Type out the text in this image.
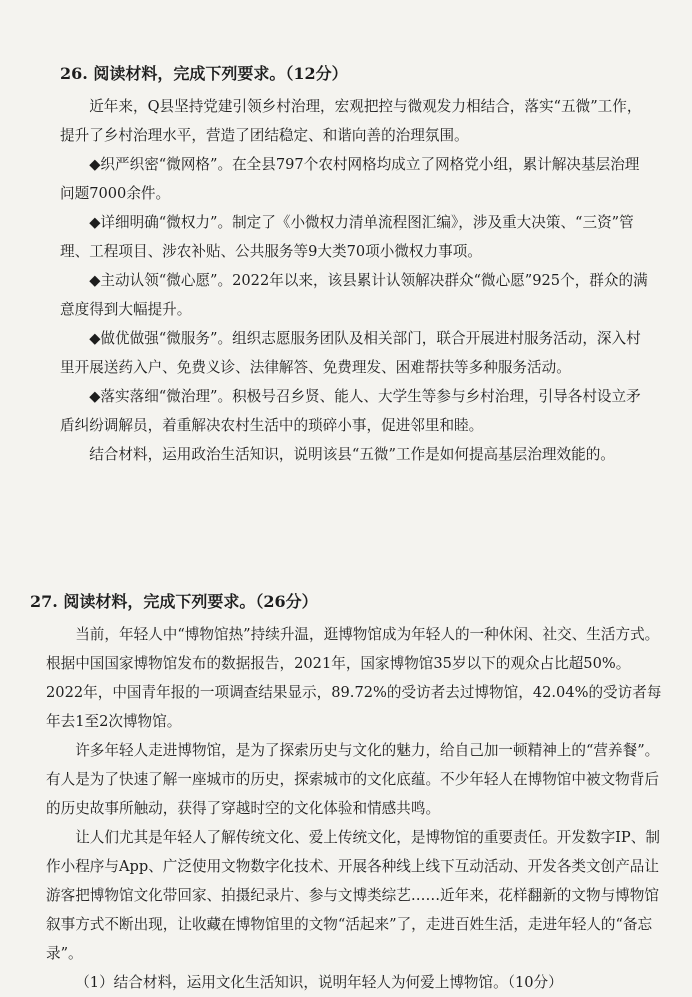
26. 阅读材料，完成下列要求。（12分）

近年来，Q县坚持党建引领乡村治理，宏观把控与微观发力相结合，落实“五微”工作，提升了乡村治理水平，营造了团结稳定、和谐向善的治理氛围。

◆织严织密“微网格”。在全县797个农村网格均成立了网格党小组，累计解决基层治理问题7000余件。

◆详细明确“微权力”。制定了《小微权力清单流程图汇编》，涉及重大决策、“三资”管理、工程项目、涉农补贴、公共服务等9大类70项小微权力事项。

◆主动认领“微心愿”。2022年以来，该县累计认领解决群众“微心愿”925个，群众的满意度得到大幅提升。

◆做优做强“微服务”。组织志愿服务团队及相关部门，联合开展进村服务活动，深入村里开展送药入户、免费义诊、法律解答、免费理发、困难帮扶等多种服务活动。

◆落实落细“微治理”。积极号召乡贤、能人、大学生等参与乡村治理，引导各村设立矛盾纠纷调解员，着重解决农村生活中的琐碎小事，促进邻里和睦。

结合材料，运用政治生活知识，说明该县“五微”工作是如何提高基层治理效能的。

27. 阅读材料，完成下列要求。（26分）

当前，年轻人中“博物馆热”持续升温，逛博物馆成为年轻人的一种休闲、社交、生活方式。根据中国国家博物馆发布的数据报告，2021年，国家博物馆35岁以下的观众占比超50%。2022年，中国青年报的一项调查结果显示，89.72%的受访者去过博物馆，42.04%的受访者每年去1至2次博物馆。

许多年轻人走进博物馆，是为了探索历史与文化的魅力，给自己加一顿精神上的“营养餐”。有人是为了快速了解一座城市的历史，探索城市的文化底蕴。不少年轻人在博物馆中被文物背后的历史故事所触动，获得了穿越时空的文化体验和情感共鸣。

让人们尤其是年轻人了解传统文化、爱上传统文化，是博物馆的重要责任。开发数字IP、制作小程序与App、广泛使用文物数字化技术、开展各种线上线下互动活动、开发各类文创产品让游客把博物馆文化带回家、拍摄纪录片、参与文博类综艺……近年来，花样翻新的文物与博物馆叙事方式不断出现，让收藏在博物馆里的文物“活起来”了，走进百姓生活，走进年轻人的“备忘录”。

（1）结合材料，运用文化生活知识，说明年轻人为何爱上博物馆。（10分）
